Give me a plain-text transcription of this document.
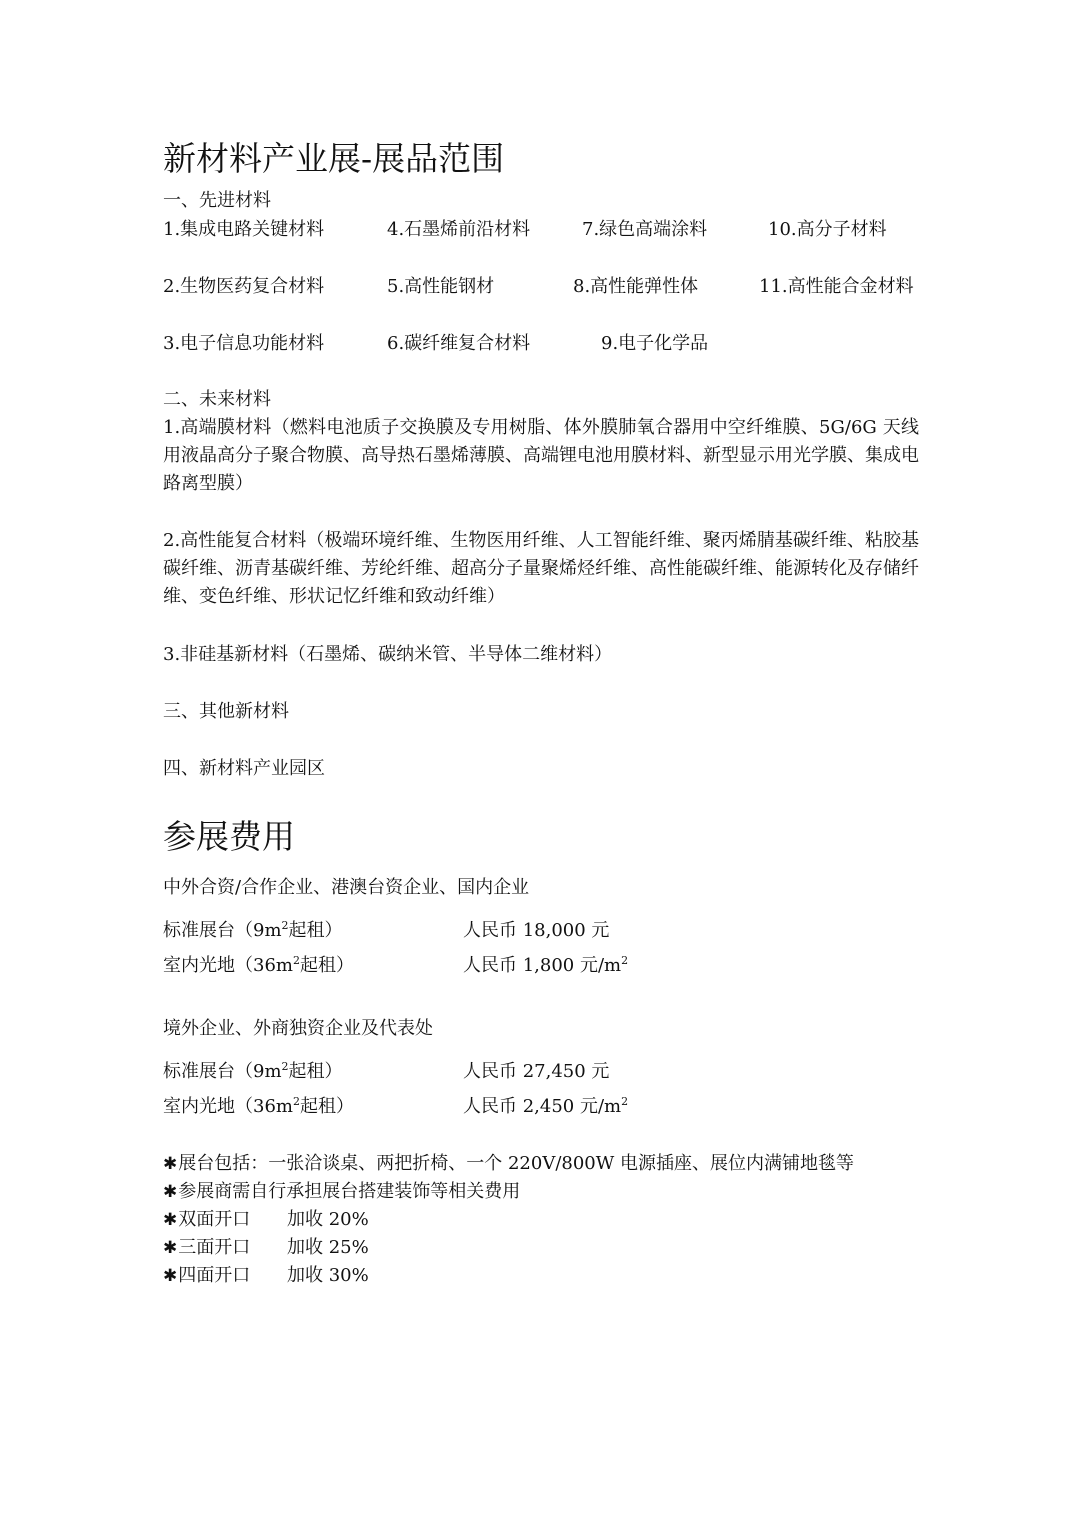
新材料产业展-展品范围
一、先进材料
1.集成电路关键材料	4.石墨烯前沿材料	7.绿色高端涂料	10.高分子材料
2.生物医药复合材料	5.高性能钢材	8.高性能弹性体	11.高性能合金材料
3.电子信息功能材料	6.碳纤维复合材料	9.电子化学品
二、未来材料
1.高端膜材料（燃料电池质子交换膜及专用树脂、体外膜肺氧合器用中空纤维膜、5G/6G 天线用液晶高分子聚合物膜、高导热石墨烯薄膜、高端锂电池用膜材料、新型显示用光学膜、集成电路离型膜）
2.高性能复合材料（极端环境纤维、生物医用纤维、人工智能纤维、聚丙烯腈基碳纤维、粘胶基碳纤维、沥青基碳纤维、芳纶纤维、超高分子量聚烯烃纤维、高性能碳纤维、能源转化及存储纤维、变色纤维、形状记忆纤维和致动纤维）
3.非硅基新材料（石墨烯、碳纳米管、半导体二维材料）
三、其他新材料
四、新材料产业园区
参展费用
中外合资/合作企业、港澳台资企业、国内企业
标准展台（$9m^2$起租）	人民币 18,000 元
室内光地（$36m^2$起租）	人民币 1,800 元$/m^2$
境外企业、外商独资企业及代表处
标准展台（$9m^2$起租）	人民币 27,450 元
室内光地（$36m^2$起租）	人民币 2,450 元$/m^2$
✱展台包括：一张洽谈桌、两把折椅、一个 220V/800W 电源插座、展位内满铺地毯等
✱参展商需自行承担展台搭建装饰等相关费用
✱双面开口 加收 20%
✱三面开口 加收 25%
✱四面开口 加收 30%
